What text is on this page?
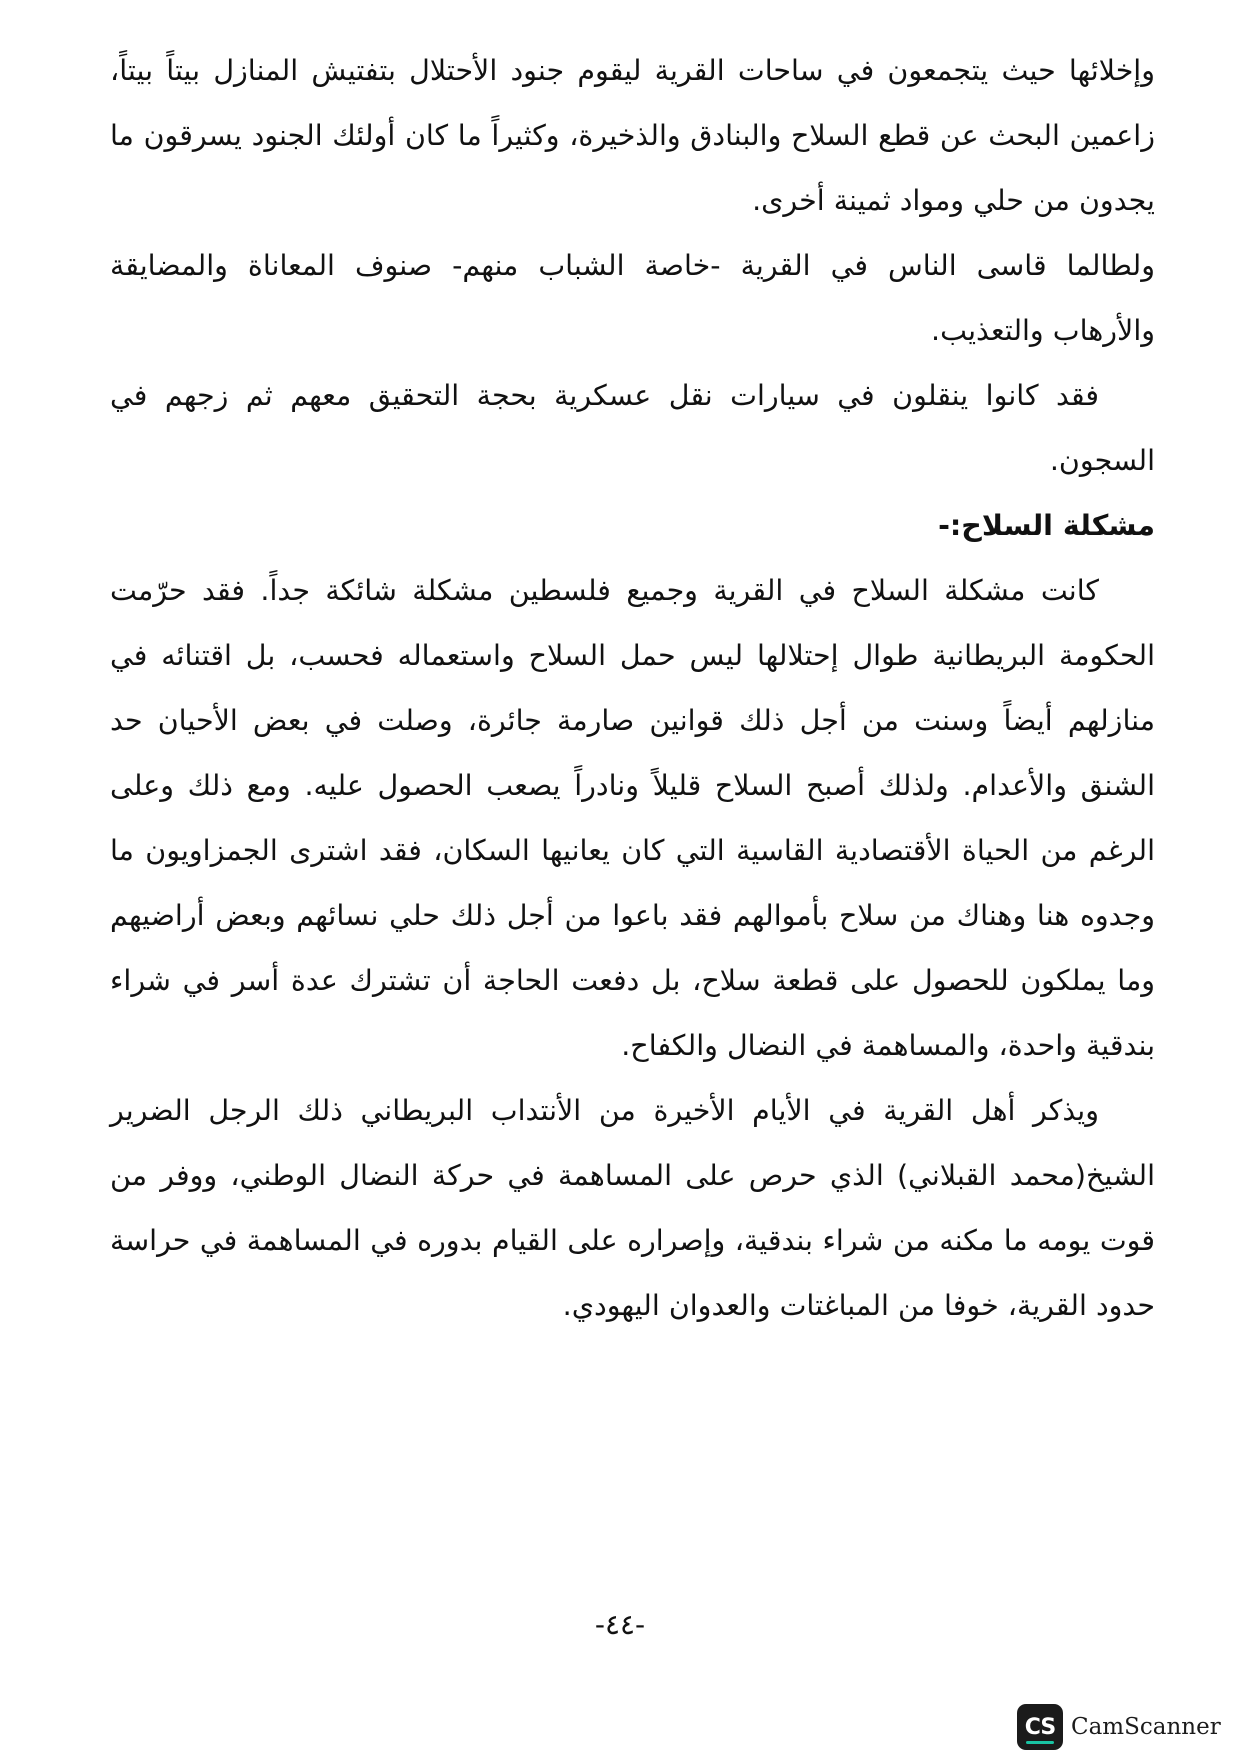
وإخلائها حيث يتجمعون في ساحات القرية ليقوم جنود الأحتلال بتفتيش المنازل بيتاً بيتاً، زاعمين البحث عن قطع السلاح والبنادق والذخيرة، وكثيراً ما كان أولئك الجنود يسرقون ما يجدون من حلي ومواد ثمينة أخرى.

ولطالما قاسى الناس في القرية -خاصة الشباب منهم- صنوف المعاناة والمضايقة والأرهاب والتعذيب.

فقد كانوا ينقلون في سيارات نقل عسكرية بحجة التحقيق معهم ثم زجهم في السجون.

مشكلة السلاح:-

كانت مشكلة السلاح في القرية وجميع فلسطين مشكلة شائكة جداً. فقد حرّمت الحكومة البريطانية طوال إحتلالها ليس حمل السلاح واستعماله فحسب، بل اقتنائه في منازلهم أيضاً وسنت من أجل ذلك قوانين صارمة جائرة، وصلت في بعض الأحيان حد الشنق والأعدام. ولذلك أصبح السلاح قليلاً ونادراً يصعب الحصول عليه. ومع ذلك وعلى الرغم من الحياة الأقتصادية القاسية التي كان يعانيها السكان، فقد اشترى الجمزاويون ما وجدوه هنا وهناك من سلاح بأموالهم فقد باعوا من أجل ذلك حلي نسائهم وبعض أراضيهم وما يملكون للحصول على قطعة سلاح، بل دفعت الحاجة أن تشترك عدة أسر في شراء بندقية واحدة، والمساهمة في النضال والكفاح.

ويذكر أهل القرية في الأيام الأخيرة من الأنتداب البريطاني ذلك الرجل الضرير الشيخ(محمد القبلاني) الذي حرص على المساهمة في حركة النضال الوطني، ووفر من قوت يومه ما مكنه من شراء بندقية، وإصراره على القيام بدوره في المساهمة في حراسة حدود القرية، خوفا من المباغتات والعدوان اليهودي.

-٤٤-
CS CamScanner
